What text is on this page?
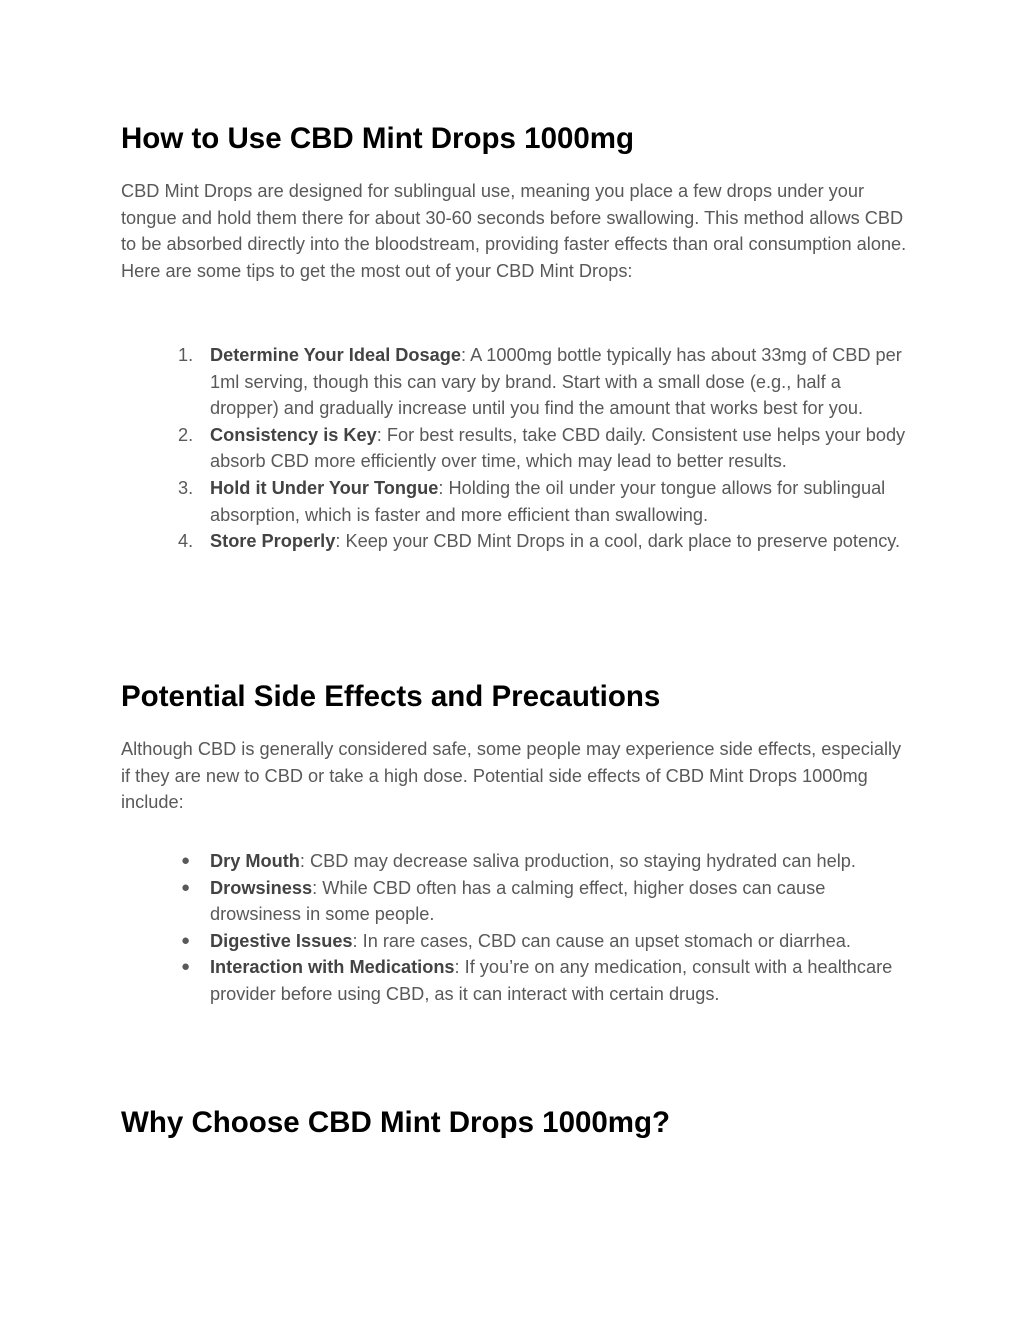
How to Use CBD Mint Drops 1000mg

CBD Mint Drops are designed for sublingual use, meaning you place a few drops under your tongue and hold them there for about 30-60 seconds before swallowing. This method allows CBD to be absorbed directly into the bloodstream, providing faster effects than oral consumption alone. Here are some tips to get the most out of your CBD Mint Drops:

1. Determine Your Ideal Dosage: A 1000mg bottle typically has about 33mg of CBD per 1ml serving, though this can vary by brand. Start with a small dose (e.g., half a dropper) and gradually increase until you find the amount that works best for you.
2. Consistency is Key: For best results, take CBD daily. Consistent use helps your body absorb CBD more efficiently over time, which may lead to better results.
3. Hold it Under Your Tongue: Holding the oil under your tongue allows for sublingual absorption, which is faster and more efficient than swallowing.
4. Store Properly: Keep your CBD Mint Drops in a cool, dark place to preserve potency.
Potential Side Effects and Precautions

Although CBD is generally considered safe, some people may experience side effects, especially if they are new to CBD or take a high dose. Potential side effects of CBD Mint Drops 1000mg include:

● Dry Mouth: CBD may decrease saliva production, so staying hydrated can help.
● Drowsiness: While CBD often has a calming effect, higher doses can cause drowsiness in some people.
● Digestive Issues: In rare cases, CBD can cause an upset stomach or diarrhea.
● Interaction with Medications: If you’re on any medication, consult with a healthcare provider before using CBD, as it can interact with certain drugs.
Why Choose CBD Mint Drops 1000mg?
